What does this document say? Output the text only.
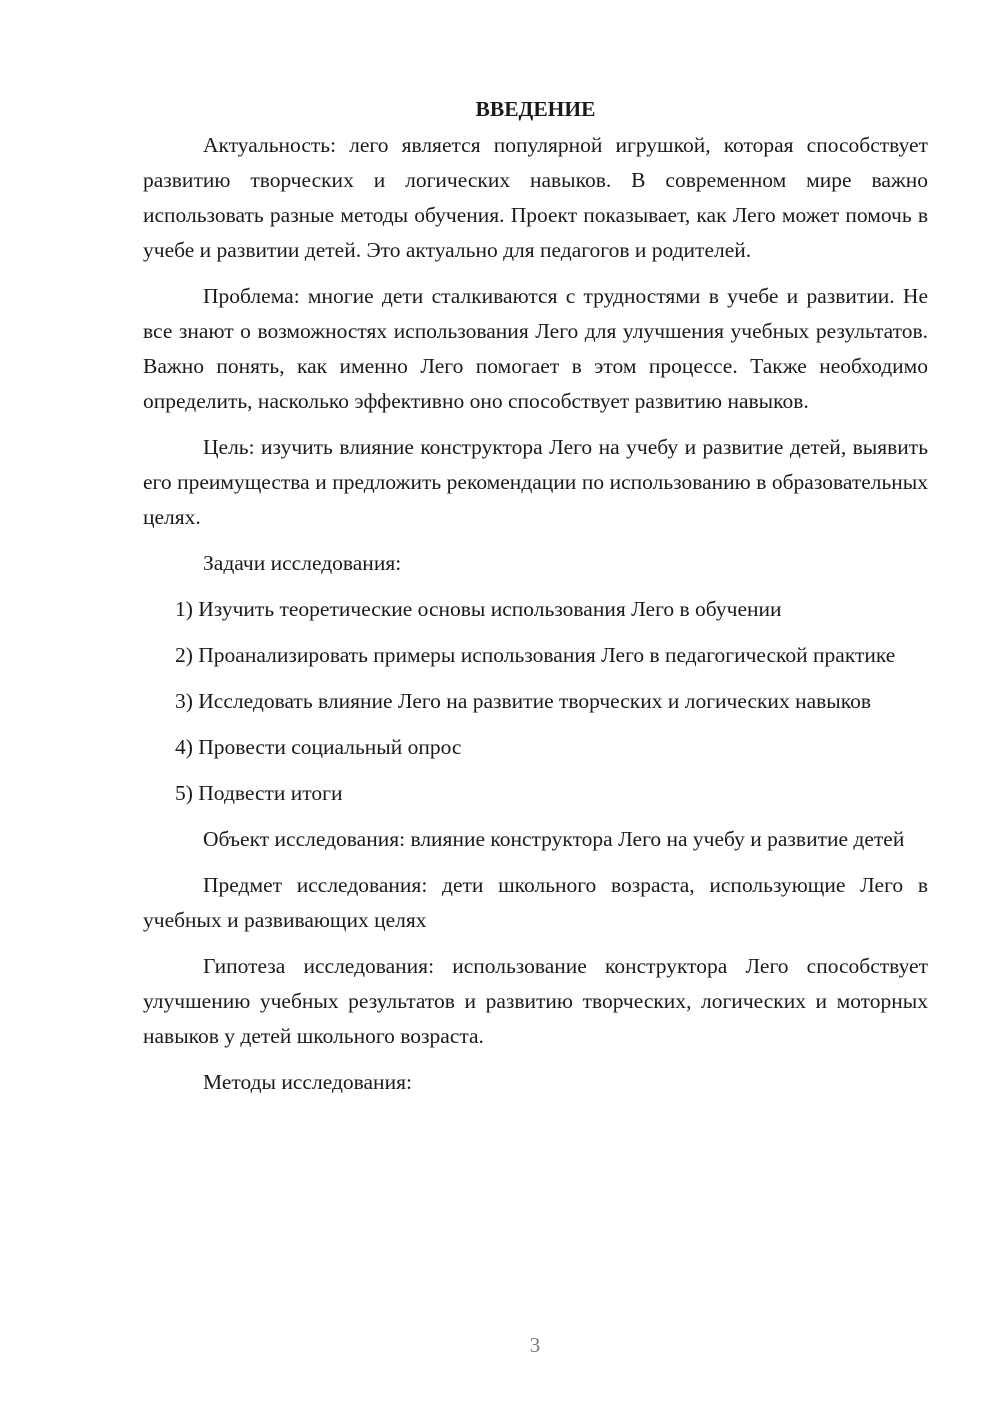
ВВЕДЕНИЕ

Актуальность: лего является популярной игрушкой, которая способствует развитию творческих и логических навыков. В современном мире важно использовать разные методы обучения. Проект показывает, как Лего может помочь в учебе и развитии детей. Это актуально для педагогов и родителей.

Проблема: многие дети сталкиваются с трудностями в учебе и развитии. Не все знают о возможностях использования Лего для улучшения учебных результатов. Важно понять, как именно Лего помогает в этом процессе. Также необходимо определить, насколько эффективно оно способствует развитию навыков.

Цель: изучить влияние конструктора Лего на учебу и развитие детей, выявить его преимущества и предложить рекомендации по использованию в образовательных целях.

Задачи исследования:

1) Изучить теоретические основы использования Лего в обучении

2) Проанализировать примеры использования Лего в педагогической практике

3) Исследовать влияние Лего на развитие творческих и логических навыков

4) Провести социальный опрос

5) Подвести итоги

Объект исследования: влияние конструктора Лего на учебу и развитие детей

Предмет исследования: дети школьного возраста, использующие Лего в учебных и развивающих целях

Гипотеза исследования: использование конструктора Лего способствует улучшению учебных результатов и развитию творческих, логических и моторных навыков у детей школьного возраста.

Методы исследования:

3
